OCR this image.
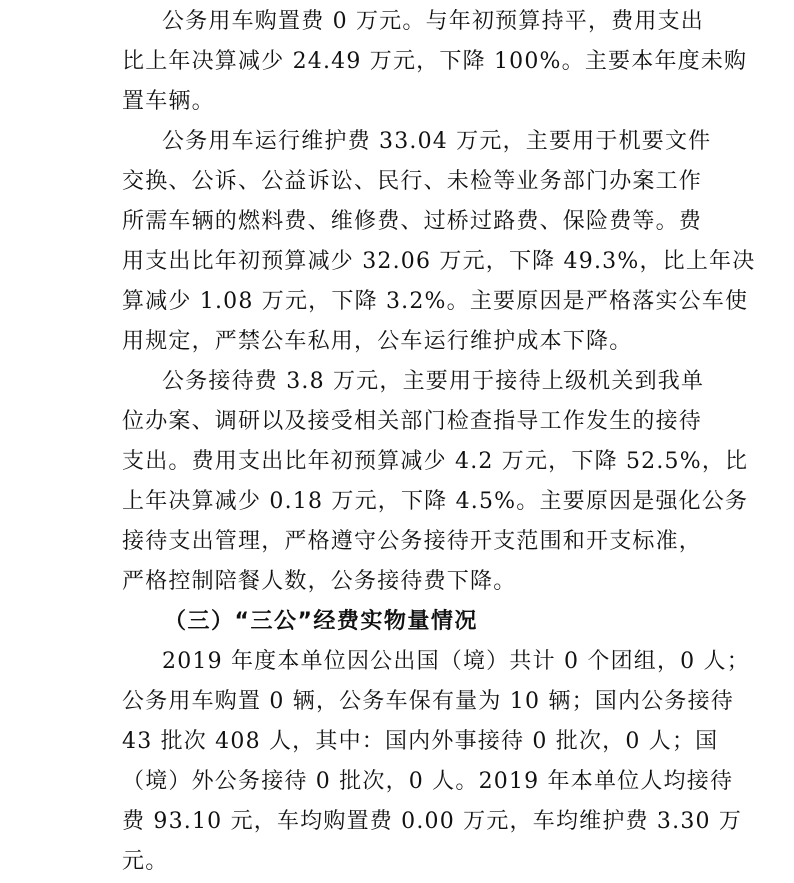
公务用车购置费 0 万元。与年初预算持平，费用支出
比上年决算减少 24.49 万元，下降 100%。主要本年度未购
置车辆。
公务用车运行维护费 33.04 万元，主要用于机要文件
交换、公诉、公益诉讼、民行、未检等业务部门办案工作
所需车辆的燃料费、维修费、过桥过路费、保险费等。费
用支出比年初预算减少 32.06 万元，下降 49.3%，比上年决
算减少 1.08 万元，下降 3.2%。主要原因是严格落实公车使
用规定，严禁公车私用，公车运行维护成本下降。
公务接待费 3.8 万元，主要用于接待上级机关到我单
位办案、调研以及接受相关部门检查指导工作发生的接待
支出。费用支出比年初预算减少 4.2 万元，下降 52.5%，比
上年决算减少 0.18 万元，下降 4.5%。主要原因是强化公务
接待支出管理，严格遵守公务接待开支范围和开支标准，
严格控制陪餐人数，公务接待费下降。
（三）“三公”经费实物量情况
2019 年度本单位因公出国（境）共计 0 个团组，0 人；
公务用车购置 0 辆，公务车保有量为 10 辆；国内公务接待
43 批次 408 人，其中：国内外事接待 0 批次，0 人；国
（境）外公务接待 0 批次，0 人。2019 年本单位人均接待
费 93.10 元，车均购置费 0.00 万元，车均维护费 3.30 万
元。
